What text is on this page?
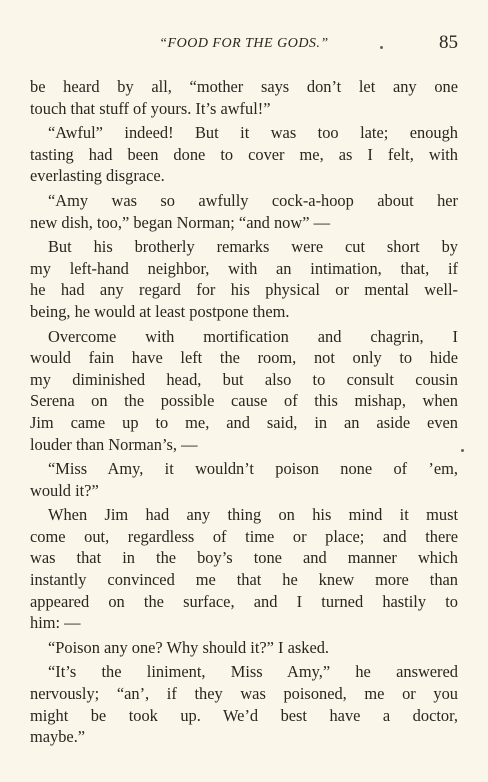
“FOOD FOR THE GODS.”	85
be heard by all, “mother says don’t let any one
touch that stuff of yours. It’s awful!”
“Awful” indeed! But it was too late; enough
tasting had been done to cover me, as I felt, with
everlasting disgrace.
“Amy was so awfully cock-a-hoop about her
new dish, too,” began Norman; “and now” —
But his brotherly remarks were cut short by
my left-hand neighbor, with an intimation, that, if
he had any regard for his physical or mental well-
being, he would at least postpone them.
Overcome with mortification and chagrin, I
would fain have left the room, not only to hide
my diminished head, but also to consult cousin
Serena on the possible cause of this mishap, when
Jim came up to me, and said, in an aside even
louder than Norman’s, —
“Miss Amy, it wouldn’t poison none of ’em,
would it?”
When Jim had any thing on his mind it must
come out, regardless of time or place; and there
was that in the boy’s tone and manner which
instantly convinced me that he knew more than
appeared on the surface, and I turned hastily to
him: —
“Poison any one? Why should it?” I asked.
“It’s the liniment, Miss Amy,” he answered
nervously; “an’, if they was poisoned, me or you
might be took up. We’d best have a doctor,
maybe.”
